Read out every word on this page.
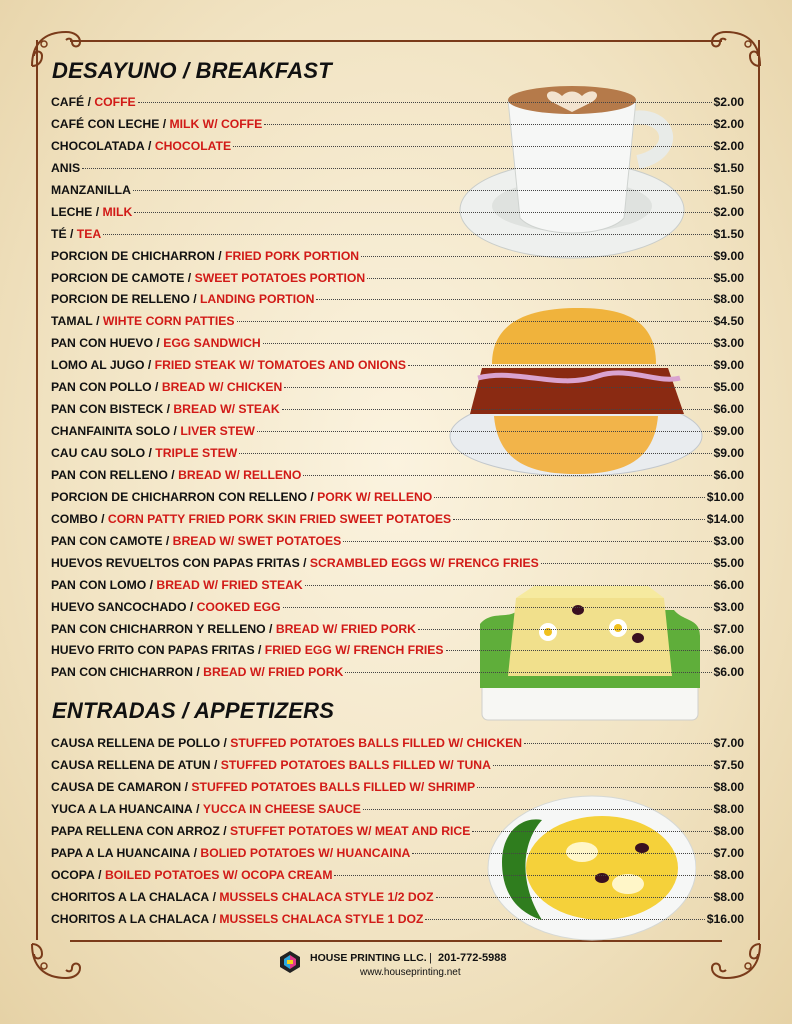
DESAYUNO / BREAKFAST
CAFÉ / COFFE	$2.00
CAFÉ CON LECHE / MILK W/ COFFE	$2.00
CHOCOLATADA / CHOCOLATE	$2.00
ANIS	$1.50
MANZANILLA	$1.50
LECHE / MILK	$2.00
TÉ / TEA	$1.50
PORCION DE CHICHARRON / FRIED PORK PORTION	$9.00
PORCION DE CAMOTE / SWEET POTATOES PORTION	$5.00
PORCION DE RELLENO / LANDING PORTION	$8.00
TAMAL / WIHTE CORN PATTIES	$4.50
PAN CON HUEVO / EGG SANDWICH	$3.00
LOMO AL JUGO / FRIED STEAK W/ TOMATOES AND ONIONS	$9.00
PAN CON POLLO / BREAD W/ CHICKEN	$5.00
PAN CON BISTECK / BREAD W/ STEAK	$6.00
CHANFAINITA SOLO / LIVER STEW	$9.00
CAU CAU SOLO / TRIPLE STEW	$9.00
PAN CON RELLENO / BREAD W/ RELLENO	$6.00
PORCION DE CHICHARRON CON RELLENO / PORK W/ RELLENO	$10.00
COMBO / CORN PATTY FRIED PORK SKIN FRIED SWEET POTATOES	$14.00
PAN CON CAMOTE / BREAD W/ SWET POTATOES	$3.00
HUEVOS REVUELTOS CON PAPAS FRITAS / SCRAMBLED EGGS W/ FRENCG FRIES	$5.00
PAN CON LOMO / BREAD W/ FRIED STEAK	$6.00
HUEVO SANCOCHADO / COOKED EGG	$3.00
PAN CON CHICHARRON Y RELLENO / BREAD W/ FRIED PORK	$7.00
HUEVO FRITO CON PAPAS FRITAS / FRIED EGG W/ FRENCH FRIES	$6.00
PAN CON CHICHARRON / BREAD W/ FRIED PORK	$6.00
ENTRADAS / APPETIZERS
CAUSA RELLENA DE POLLO / STUFFED POTATOES BALLS FILLED W/ CHICKEN	$7.00
CAUSA RELLENA DE ATUN / STUFFED POTATOES BALLS FILLED W/ TUNA	$7.50
CAUSA DE CAMARON / STUFFED POTATOES BALLS FILLED W/ SHRIMP	$8.00
YUCA A LA HUANCAINA / YUCCA IN CHEESE SAUCE	$8.00
PAPA RELLENA CON ARROZ / STUFFET POTATOES W/ MEAT AND RICE	$8.00
PAPA A LA HUANCAINA / BOLIED POTATOES W/ HUANCAINA	$7.00
OCOPA / BOILED POTATOES W/ OCOPA CREAM	$8.00
CHORITOS A LA CHALACA / MUSSELS CHALACA STYLE 1/2 DOZ	$8.00
CHORITOS A LA CHALACA / MUSSELS CHALACA STYLE 1 DOZ	$16.00
HOUSE PRINTING LLC. | 201-772-5988
www.houseprinting.net
